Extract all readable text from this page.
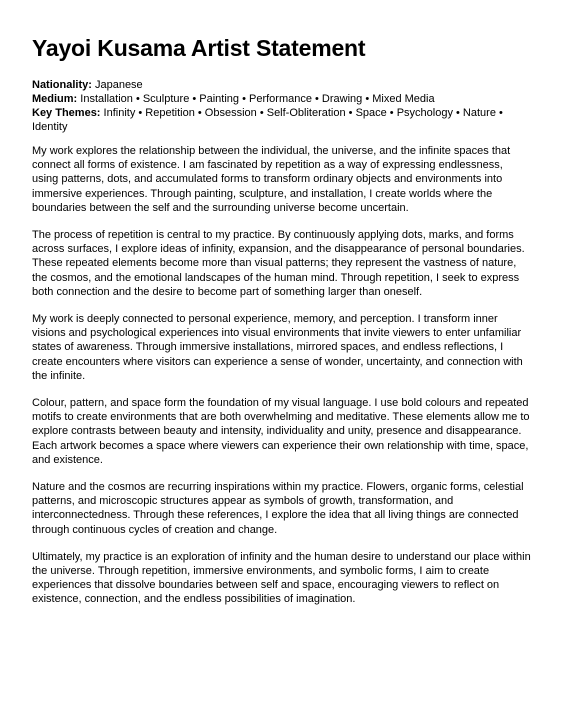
Yayoi Kusama Artist Statement

Nationality: Japanese

Medium: Installation • Sculpture • Painting • Performance • Drawing • Mixed Media

Key Themes: Infinity • Repetition • Obsession • Self-Obliteration • Space • Psychology • Nature • Identity

My work explores the relationship between the individual, the universe, and the infinite spaces that connect all forms of existence. I am fascinated by repetition as a way of expressing endlessness, using patterns, dots, and accumulated forms to transform ordinary objects and environments into immersive experiences. Through painting, sculpture, and installation, I create worlds where the boundaries between the self and the surrounding universe become uncertain.

The process of repetition is central to my practice. By continuously applying dots, marks, and forms across surfaces, I explore ideas of infinity, expansion, and the disappearance of personal boundaries. These repeated elements become more than visual patterns; they represent the vastness of nature, the cosmos, and the emotional landscapes of the human mind. Through repetition, I seek to express both connection and the desire to become part of something larger than oneself.

My work is deeply connected to personal experience, memory, and perception. I transform inner visions and psychological experiences into visual environments that invite viewers to enter unfamiliar states of awareness. Through immersive installations, mirrored spaces, and endless reflections, I create encounters where visitors can experience a sense of wonder, uncertainty, and connection with the infinite.

Colour, pattern, and space form the foundation of my visual language. I use bold colours and repeated motifs to create environments that are both overwhelming and meditative. These elements allow me to explore contrasts between beauty and intensity, individuality and unity, presence and disappearance. Each artwork becomes a space where viewers can experience their own relationship with time, space, and existence.

Nature and the cosmos are recurring inspirations within my practice. Flowers, organic forms, celestial patterns, and microscopic structures appear as symbols of growth, transformation, and interconnectedness. Through these references, I explore the idea that all living things are connected through continuous cycles of creation and change.

Ultimately, my practice is an exploration of infinity and the human desire to understand our place within the universe. Through repetition, immersive environments, and symbolic forms, I aim to create experiences that dissolve boundaries between self and space, encouraging viewers to reflect on existence, connection, and the endless possibilities of imagination.
